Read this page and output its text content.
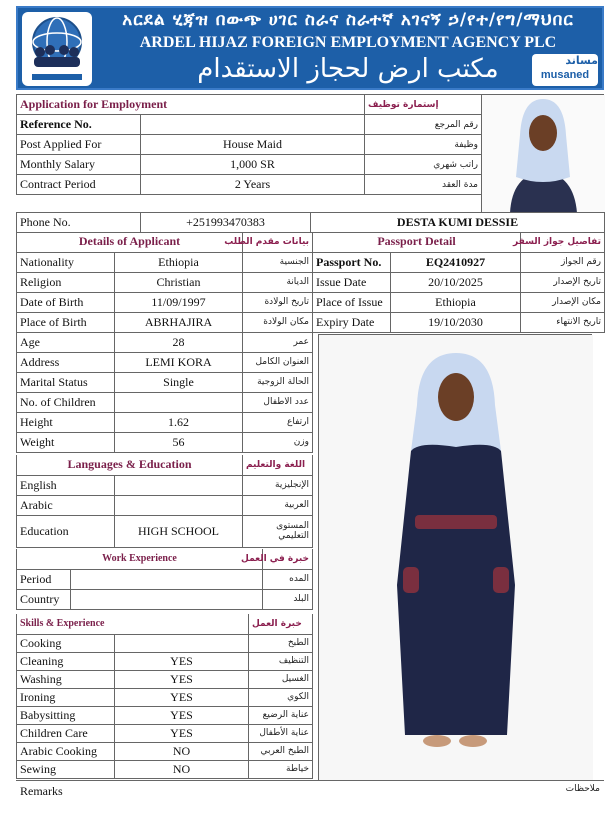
አርደል ሂጃዝ በውጭ ሀገር ስራና ስራተኛ አገናኝ ኃ/የተ/የግ/ማህበር
ARDEL HIJAZ FOREIGN EMPLOYMENT AGENCY PLC
مكتب ارض لحجاز الاستقدام	مساند
musaned
Application for Employment		إستمارة توظيف
Reference No.		رقم المرجع
Post Applied For	House Maid	وظيفة
Monthly Salary	1,000 SR	راتب شهري
Contract Period	2 Years	مدة العقد
Phone No.	+251993470383	DESTA KUMI DESSIE
Details of Applicant		بيانات مقدم الطلب
Nationality	Ethiopia	الجنسية
Religion	Christian	الديانة
Date of Birth	11/09/1997	تاريخ الولادة
Place of Birth	ABRHAJIRA	مكان الولادة
Age	28	عمر
Address	LEMI KORA	العنوان الكامل
Marital Status	Single	الحالة الزوجية
No. of Children		عدد الاطفال
Height	1.62	ارتفاع
Weight	56	وزن
Passport Detail		تفاصيل جواز السفر
Passport No.	EQ2410927	رقم الجواز
Issue Date	20/10/2025	تاريخ الإصدار
Place of Issue	Ethiopia	مكان الإصدار
Expiry Date	19/10/2030	تاريخ الانتهاء
Languages & Education		اللغة والتعليم
English		الإنجليزية
Arabic		العربية
Education	HIGH SCHOOL	المستوى التعليمي
Work Experience		خبرة في العمل
Period		المده
Country		البلد
Skills & Experience		خبرة العمل
Cooking		الطبخ
Cleaning	YES	التنظيف
Washing	YES	الغسيل
Ironing	YES	الكوي
Babysitting	YES	عناية الرضيع
Children Care	YES	عناية الأطفال
Arabic Cooking	NO	الطبخ العربي
Sewing	NO	خياطة
Remarks	ملاحظات
